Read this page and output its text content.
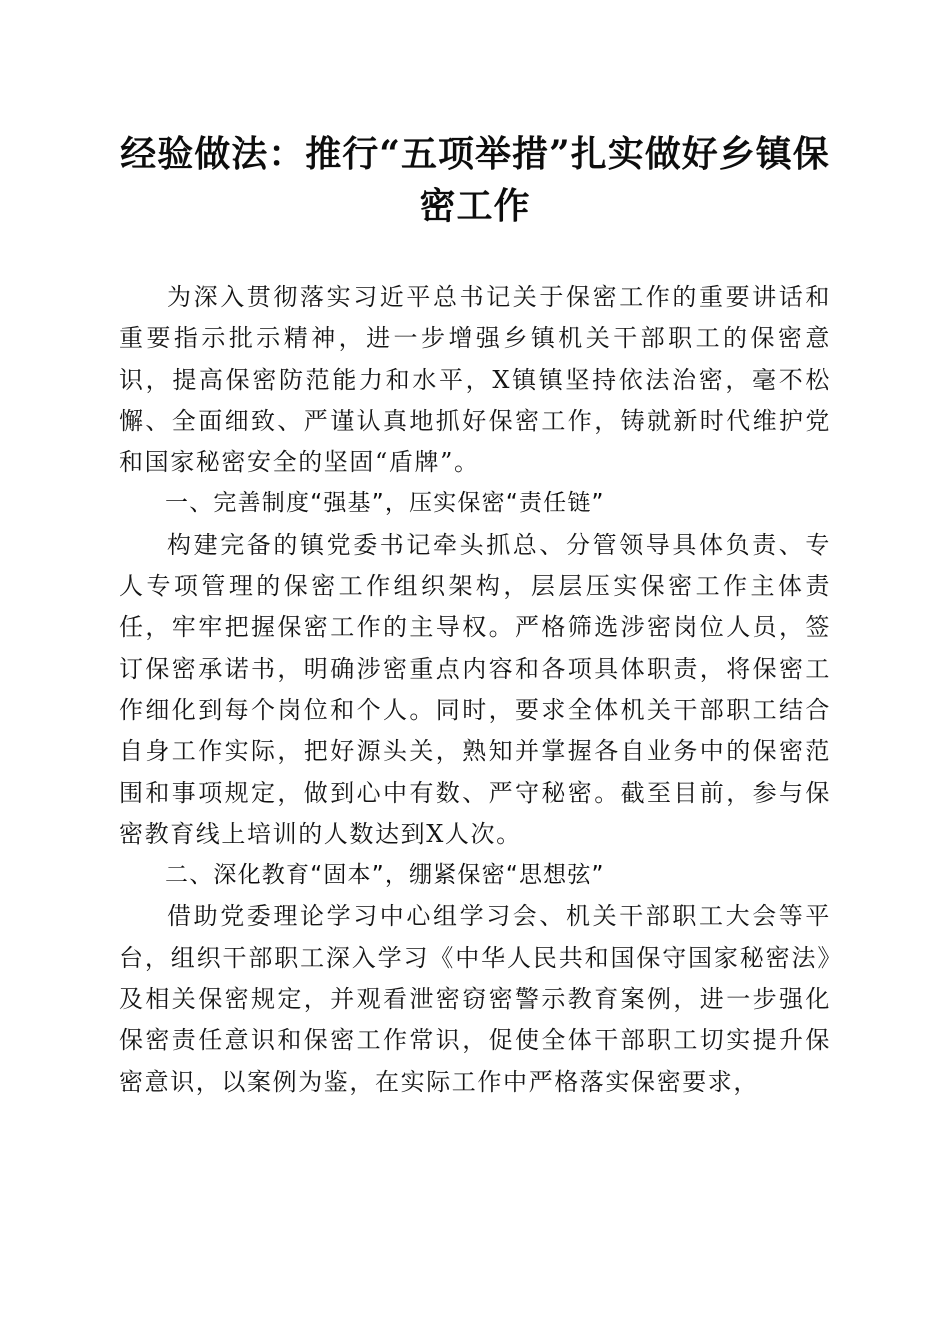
经验做法：推行“五项举措”扎实做好乡镇保密工作

为深入贯彻落实习近平总书记关于保密工作的重要讲话和重要指示批示精神，进一步增强乡镇机关干部职工的保密意识，提高保密防范能力和水平，X镇镇坚持依法治密，毫不松懈、全面细致、严谨认真地抓好保密工作，铸就新时代维护党和国家秘密安全的坚固“盾牌”。

一、完善制度“强基”，压实保密“责任链”

构建完备的镇党委书记牵头抓总、分管领导具体负责、专人专项管理的保密工作组织架构，层层压实保密工作主体责任，牢牢把握保密工作的主导权。严格筛选涉密岗位人员，签订保密承诺书，明确涉密重点内容和各项具体职责，将保密工作细化到每个岗位和个人。同时，要求全体机关干部职工结合自身工作实际，把好源头关，熟知并掌握各自业务中的保密范围和事项规定，做到心中有数、严守秘密。截至目前，参与保密教育线上培训的人数达到X人次。

二、深化教育“固本”，绷紧保密“思想弦”

借助党委理论学习中心组学习会、机关干部职工大会等平台，组织干部职工深入学习《中华人民共和国保守国家秘密法》及相关保密规定，并观看泄密窃密警示教育案例，进一步强化保密责任意识和保密工作常识，促使全体干部职工切实提升保密意识，以案例为鉴，在实际工作中严格落实保密要求，
